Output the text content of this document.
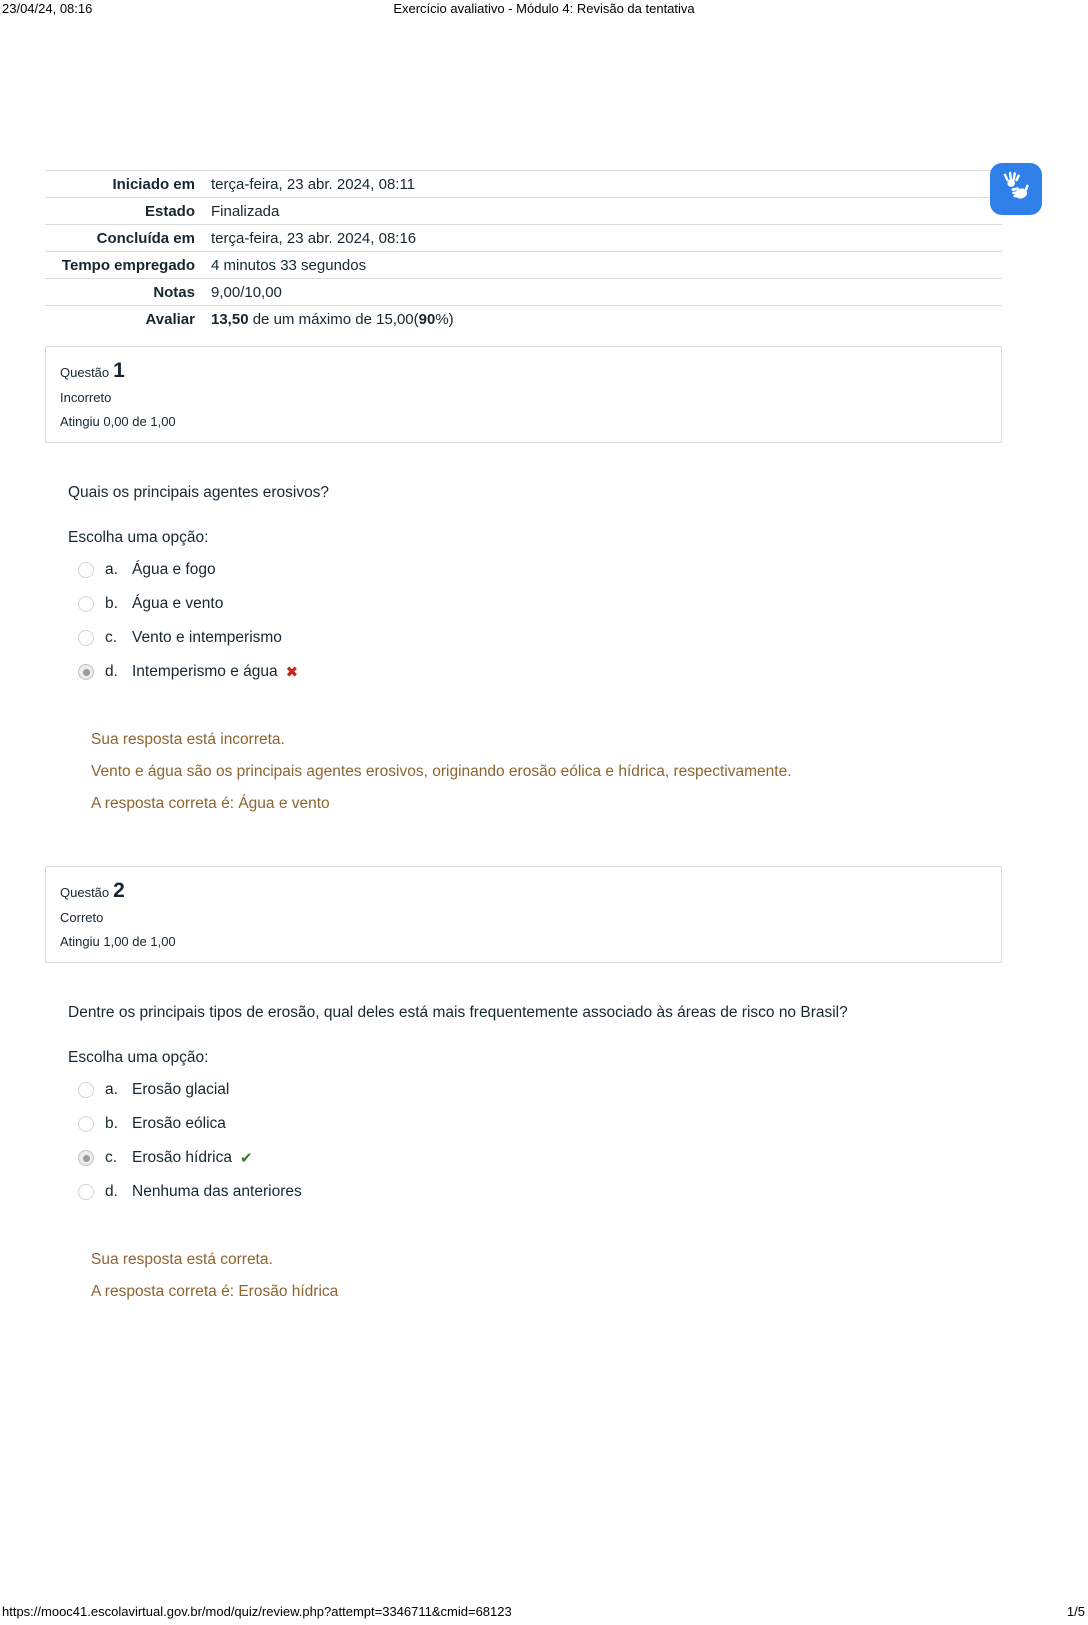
23/04/24, 08:16	Exercício avaliativo - Módulo 4: Revisão da tentativa
Iniciado em	terça-feira, 23 abr. 2024, 08:11
Estado	Finalizada
Concluída em	terça-feira, 23 abr. 2024, 08:16
Tempo empregado	4 minutos 33 segundos
Notas	9,00/10,00
Avaliar	13,50 de um máximo de 15,00(90%)
Questão 1
Incorreto
Atingiu 0,00 de 1,00
Quais os principais agentes erosivos?
Escolha uma opção:
a. Água e fogo
b. Água e vento
c. Vento e intemperismo
d. Intemperismo e água ✖
Sua resposta está incorreta.
Vento e água são os principais agentes erosivos, originando erosão eólica e hídrica, respectivamente.
A resposta correta é: Água e vento
Questão 2
Correto
Atingiu 1,00 de 1,00
Dentre os principais tipos de erosão, qual deles está mais frequentemente associado às áreas de risco no Brasil?
Escolha uma opção:
a. Erosão glacial
b. Erosão eólica
c. Erosão hídrica ✔
d. Nenhuma das anteriores
Sua resposta está correta.
A resposta correta é: Erosão hídrica
https://mooc41.escolavirtual.gov.br/mod/quiz/review.php?attempt=3346711&cmid=68123	1/5
